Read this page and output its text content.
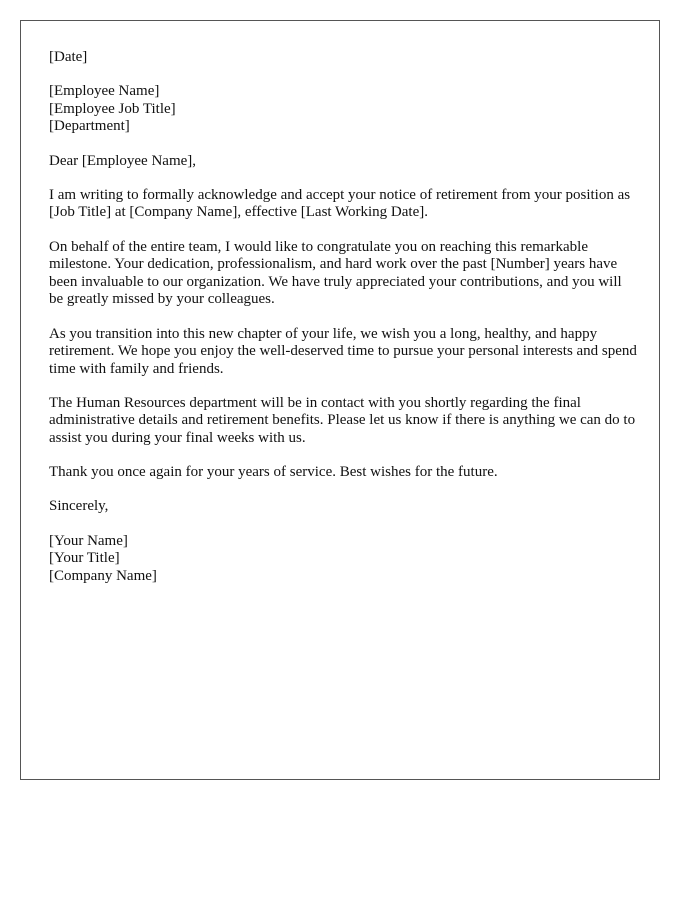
[Date]
[Employee Name]
[Employee Job Title]
[Department]
Dear [Employee Name],

I am writing to formally acknowledge and accept your notice of retirement from your position as [Job Title] at [Company Name], effective [Last Working Date].

On behalf of the entire team, I would like to congratulate you on reaching this remarkable milestone. Your dedication, professionalism, and hard work over the past [Number] years have been invaluable to our organization. We have truly appreciated your contributions, and you will be greatly missed by your colleagues.

As you transition into this new chapter of your life, we wish you a long, healthy, and happy retirement. We hope you enjoy the well-deserved time to pursue your personal interests and spend time with family and friends.

The Human Resources department will be in contact with you shortly regarding the final administrative details and retirement benefits. Please let us know if there is anything we can do to assist you during your final weeks with us.

Thank you once again for your years of service. Best wishes for the future.

Sincerely,
[Your Name]
[Your Title]
[Company Name]
